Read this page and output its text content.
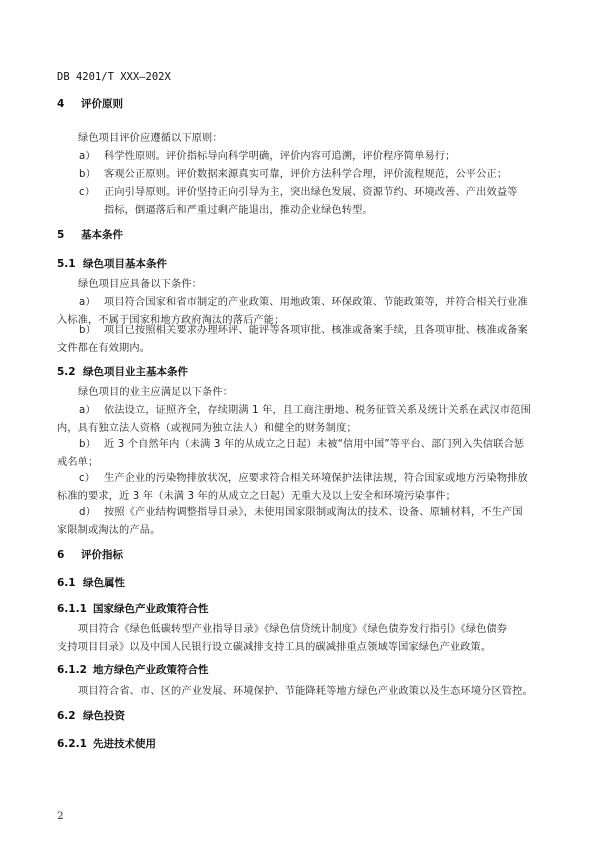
DB 4201/T XXX—202X
4 评价原则
绿色项目评价应遵循以下原则：
a） 科学性原则。评价指标导向科学明确，评价内容可追溯，评价程序简单易行；
b） 客观公正原则。评价数据来源真实可靠，评价方法科学合理，评价流程规范，公平公正；
c） 正向引导原则。评价坚持正向引导为主，突出绿色发展、资源节约、环境改善、产出效益等
指标，倒逼落后和严重过剩产能退出，推动企业绿色转型。
5 基本条件
5.1 绿色项目基本条件
绿色项目应具备以下条件：
a） 项目符合国家和省市制定的产业政策、用地政策、环保政策、节能政策等，并符合相关行业准
入标准，不属于国家和地方政府淘汰的落后产能；
b） 项目已按照相关要求办理环评、能评等各项审批、核准或备案手续，且各项审批、核准或备案
文件都在有效期内。
5.2 绿色项目业主基本条件
绿色项目的业主应满足以下条件：
a） 依法设立，证照齐全，存续期满 1 年，且工商注册地、税务征管关系及统计关系在武汉市范围
内，具有独立法人资格（或视同为独立法人）和健全的财务制度；
b） 近 3 个自然年内（未满 3 年的从成立之日起）未被“信用中国”等平台、部门列入失信联合惩
戒名单；
c） 生产企业的污染物排放状况，应要求符合相关环境保护法律法规，符合国家或地方污染物排放
标准的要求，近 3 年（未满 3 年的从成立之日起）无重大及以上安全和环境污染事件；
d） 按照《产业结构调整指导目录》，未使用国家限制或淘汰的技术、设备、原辅材料，不生产国
家限制或淘汰的产品。
6 评价指标
6.1 绿色属性
6.1.1 国家绿色产业政策符合性
项目符合《绿色低碳转型产业指导目录》《绿色信贷统计制度》《绿色债券发行指引》《绿色债券
支持项目目录》以及中国人民银行设立碳减排支持工具的碳减排重点领域等国家绿色产业政策。
6.1.2 地方绿色产业政策符合性
项目符合省、市、区的产业发展、环境保护、节能降耗等地方绿色产业政策以及生态环境分区管控。
6.2 绿色投资
6.2.1 先进技术使用
2
